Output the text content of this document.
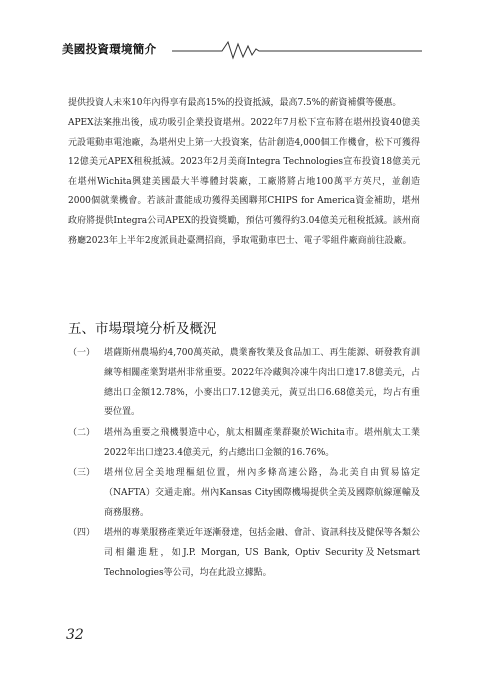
美國投資環境簡介

提供投資人未來10年內得享有最高15%的投資抵減，最高7.5%的薪資補償等優惠。

APEX法案推出後，成功吸引企業投資堪州。2022年7月松下宣布將在堪州投資40億美元設電動車電池廠，為堪州史上第一大投資案，估計創造4,000個工作機會，松下可獲得12億美元APEX租稅抵減。2023年2月美商Integra Technologies宣布投資18億美元在堪州Wichita興建美國最大半導體封裝廠，工廠將將占地100萬平方英尺，並創造2000個就業機會。若該計畫能成功獲得美國聯邦CHIPS for America資金補助，堪州政府將提供Integra公司APEX的投資獎勵，預估可獲得約3.04億美元租稅抵減。該州商務廳2023年上半年2度派員赴臺灣招商，爭取電動車巴士、電子零組件廠商前往設廠。

五、市場環境分析及概況
（一） 堪薩斯州農場約4,700萬英畝，農業畜牧業及食品加工、再生能源、研發教育訓練等相關產業對堪州非常重要。2022年冷藏與冷凍牛肉出口達17.8億美元，占總出口金額12.78%，小麥出口7.12億美元，黃豆出口6.68億美元，均占有重要位置。
（二） 堪州為重要之飛機製造中心，航太相關產業群聚於Wichita市。堪州航太工業2022年出口達23.4億美元，約占總出口金額的16.76%。
（三） 堪州位居全美地理樞紐位置，州內多條高速公路，為北美自由貿易協定（NAFTA）交通走廊。州內Kansas City國際機場提供全美及國際航線運輸及商務服務。
（四） 堪州的專業服務產業近年逐漸發達，包括金融、會計、資訊科技及健保等各類公司相繼進駐，如J.P. Morgan, US Bank, Optiv Security及Netsmart Technologies等公司，均在此設立據點。
32
